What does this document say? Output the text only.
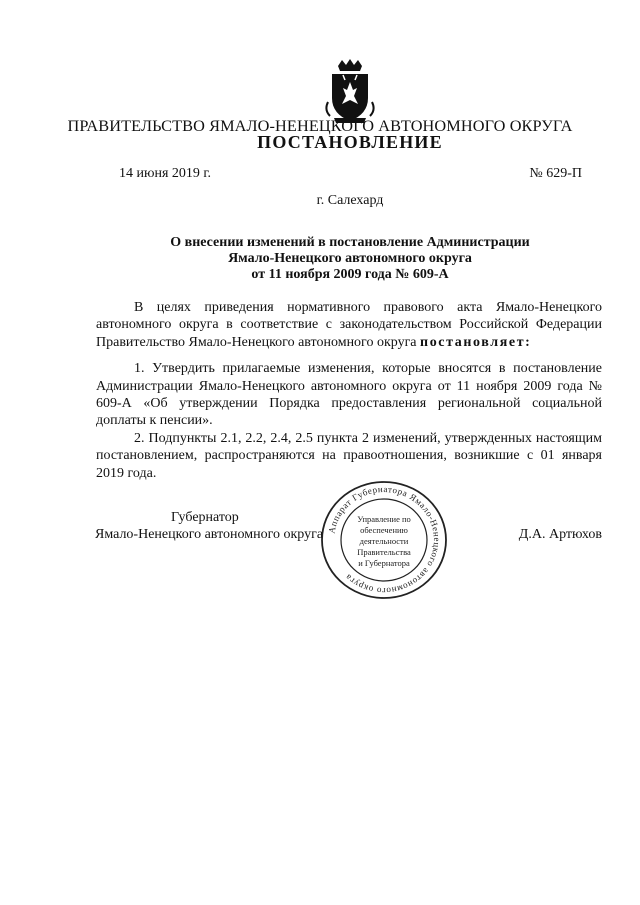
ПРАВИТЕЛЬСТВО ЯМАЛО-НЕНЕЦКОГО АВТОНОМНОГО ОКРУГА
ПОСТАНОВЛЕНИЕ
14 июня 2019 г.	№ 629-П
г. Салехард
О внесении изменений в постановление Администрации
Ямало-Ненецкого автономного округа
от 11 ноября 2009 года № 609-А

В целях приведения нормативного правового акта Ямало-Ненецкого автономного округа в соответствие с законодательством Российской Федерации Правительство Ямало-Ненецкого автономного округа постановляет:

1. Утвердить прилагаемые изменения, которые вносятся в постановление Администрации Ямало-Ненецкого автономного округа от 11 ноября 2009 года № 609-А «Об утверждении Порядка предоставления региональной социальной доплаты к пенсии».

2. Подпункты 2.1, 2.2, 2.4, 2.5 пункта 2 изменений, утвержденных настоящим постановлением, распространяются на правоотношения, возникшие с 01 января 2019 года.

Губернатор
Ямало-Ненецкого автономного округа	Д.А. Артюхов
Аппарат Губернатора Ямало-Ненецкого автономного округа
Управление по
обеспечению
деятельности
Правительства
и Губернатора
